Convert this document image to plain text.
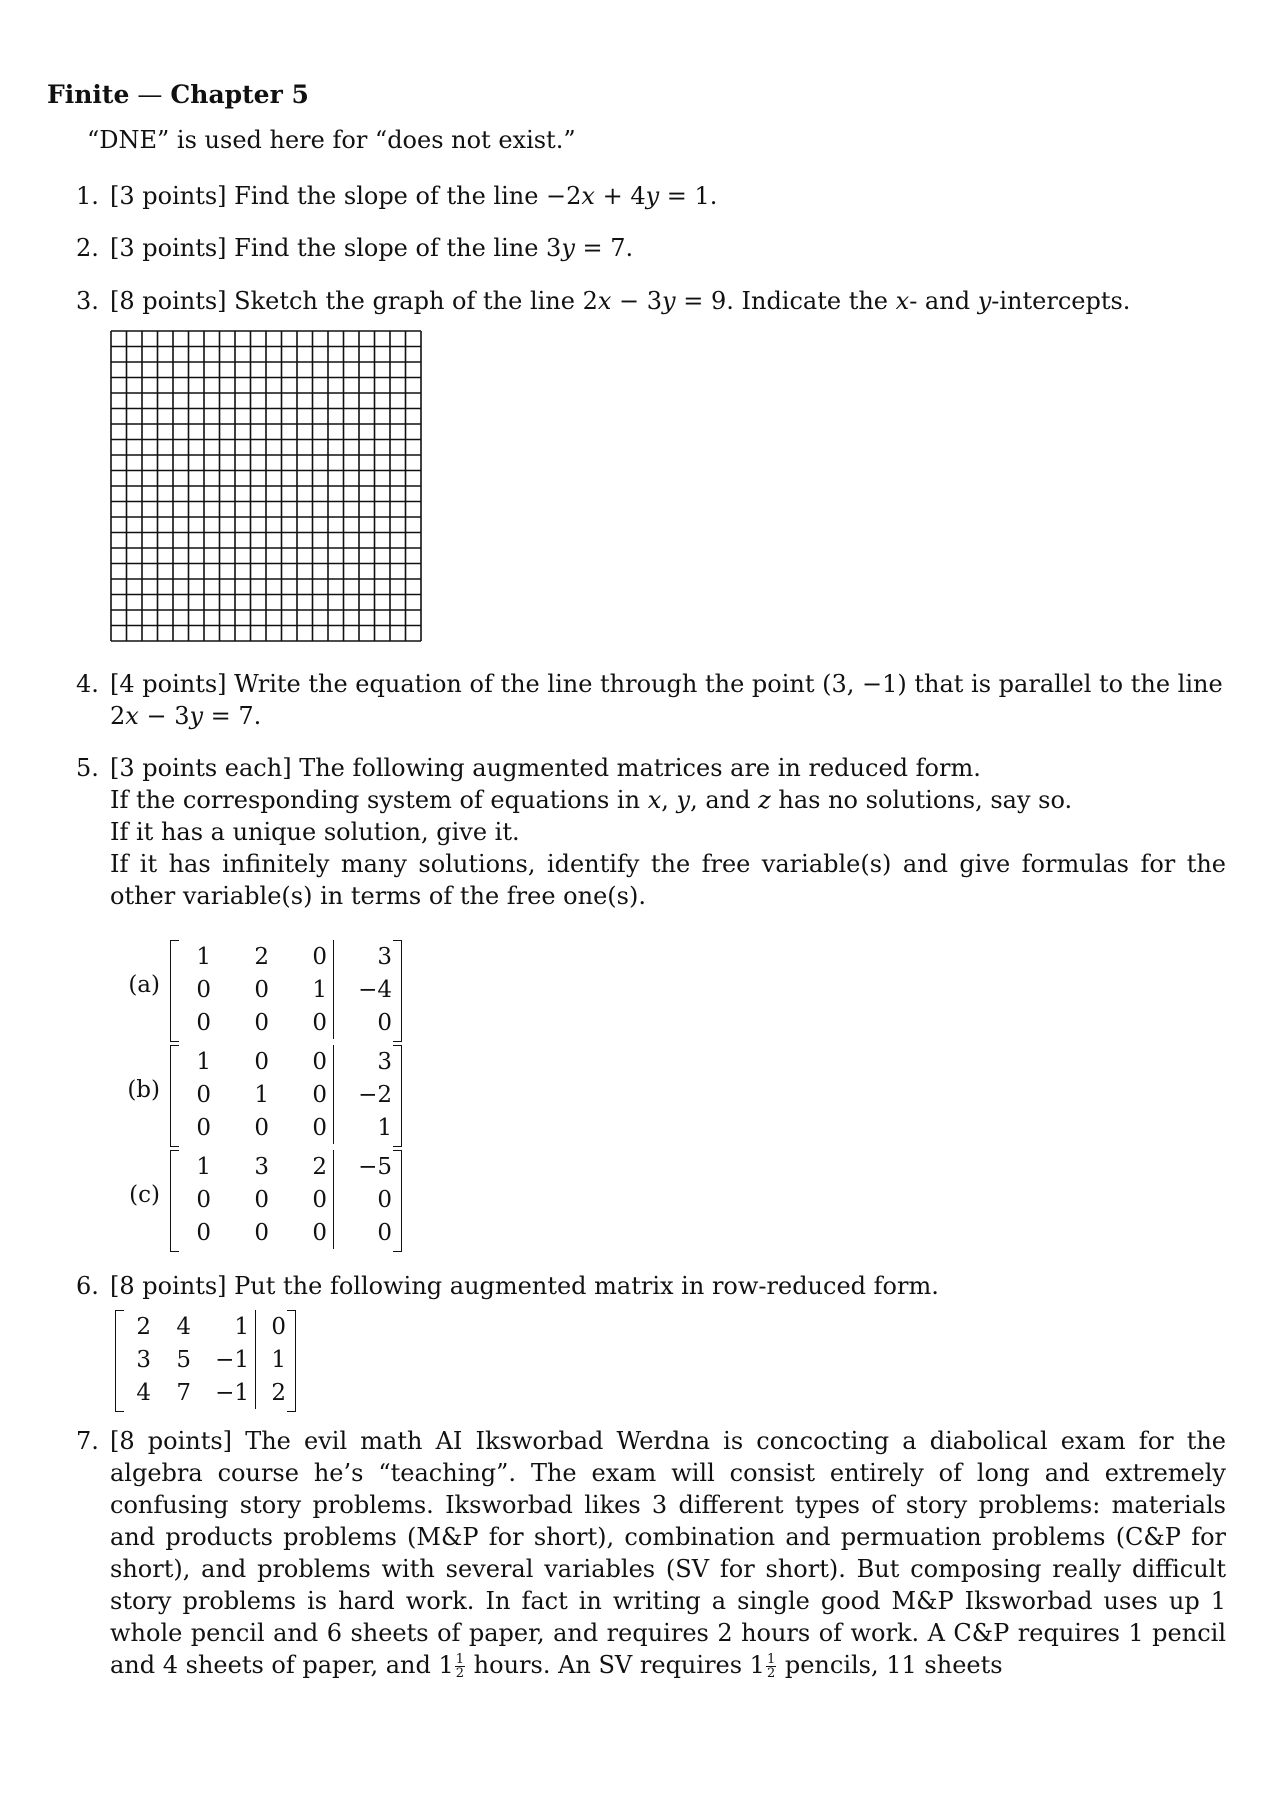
Finite — Chapter 5
“DNE” is used here for “does not exist.”
1. [3 points] Find the slope of the line −2x + 4y = 1.
2. [3 points] Find the slope of the line 3y = 7.
3. [8 points] Sketch the graph of the line 2x − 3y = 9. Indicate the x- and y-intercepts.
4. [4 points] Write the equation of the line through the point (3, −1) that is parallel to the line
2x − 3y = 7.
5. [3 points each] The following augmented matrices are in reduced form.
If the corresponding system of equations in x, y, and z has no solutions, say so.
If it has a unique solution, give it.
If it has infinitely many solutions, identify the free variable(s) and give formulas for the other variable(s) in terms of the free one(s).
(a)
1	2	0	3
0	0	1	−4
0	0	0	0
(b)
1	0	0	3
0	1	0	−2
0	0	0	1
(c)
1	3	2	−5
0	0	0	0
0	0	0	0
6. [8 points] Put the following augmented matrix in row-reduced form.
2	4	1	0
3	5	−1	1
4	7	−1	2
7. [8 points] The evil math AI Ikswοrbad Werdna is concocting a diabolical exam for the algebra course he’s “teaching”. The exam will consist entirely of long and extremely confusing story problems. Ikswοrbad likes 3 different types of story problems: materials and products problems (M&P for short), combination and permuation problems (C&P for short), and problems with several variables (SV for short). But composing really difficult story problems is hard work. In fact in writing a single good M&P Ikswοrbad uses up 1 whole pencil and 6 sheets of paper, and requires 2 hours of work. A C&P requires 1 pencil and 4 sheets of paper, and $1 \frac{1}{2}$ hours. An SV requires $1 \frac{1}{2}$ pencils, 11 sheets
